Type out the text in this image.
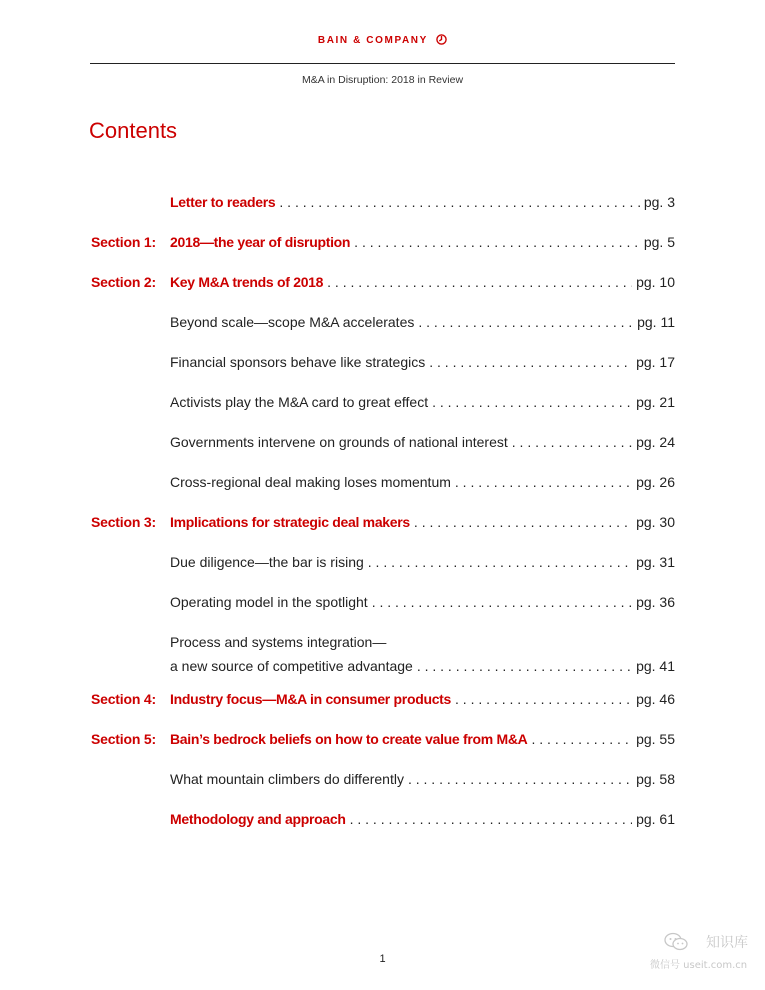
BAIN & COMPANY
M&A in Disruption: 2018 in Review
Contents
Letter to readers . . .	pg. 3
Section 1: 2018—the year of disruption . . .	pg. 5
Section 2: Key M&A trends of 2018 . . .	pg. 10
Beyond scale—scope M&A accelerates . . .	pg. 11
Financial sponsors behave like strategics . . .	pg. 17
Activists play the M&A card to great effect . . .	pg. 21
Governments intervene on grounds of national interest . . .	pg. 24
Cross-regional deal making loses momentum . . .	pg. 26
Section 3: Implications for strategic deal makers . . .	pg. 30
Due diligence—the bar is rising . . .	pg. 31
Operating model in the spotlight . . .	pg. 36
Process and systems integration—
a new source of competitive advantage . . .	pg. 41
Section 4: Industry focus—M&A in consumer products . . .	pg. 46
Section 5: Bain’s bedrock beliefs on how to create value from M&A . . .	pg. 55
What mountain climbers do differently . . .	pg. 58
Methodology and approach . . .	pg. 61
1
知识库
微信号 useit.com.cn
